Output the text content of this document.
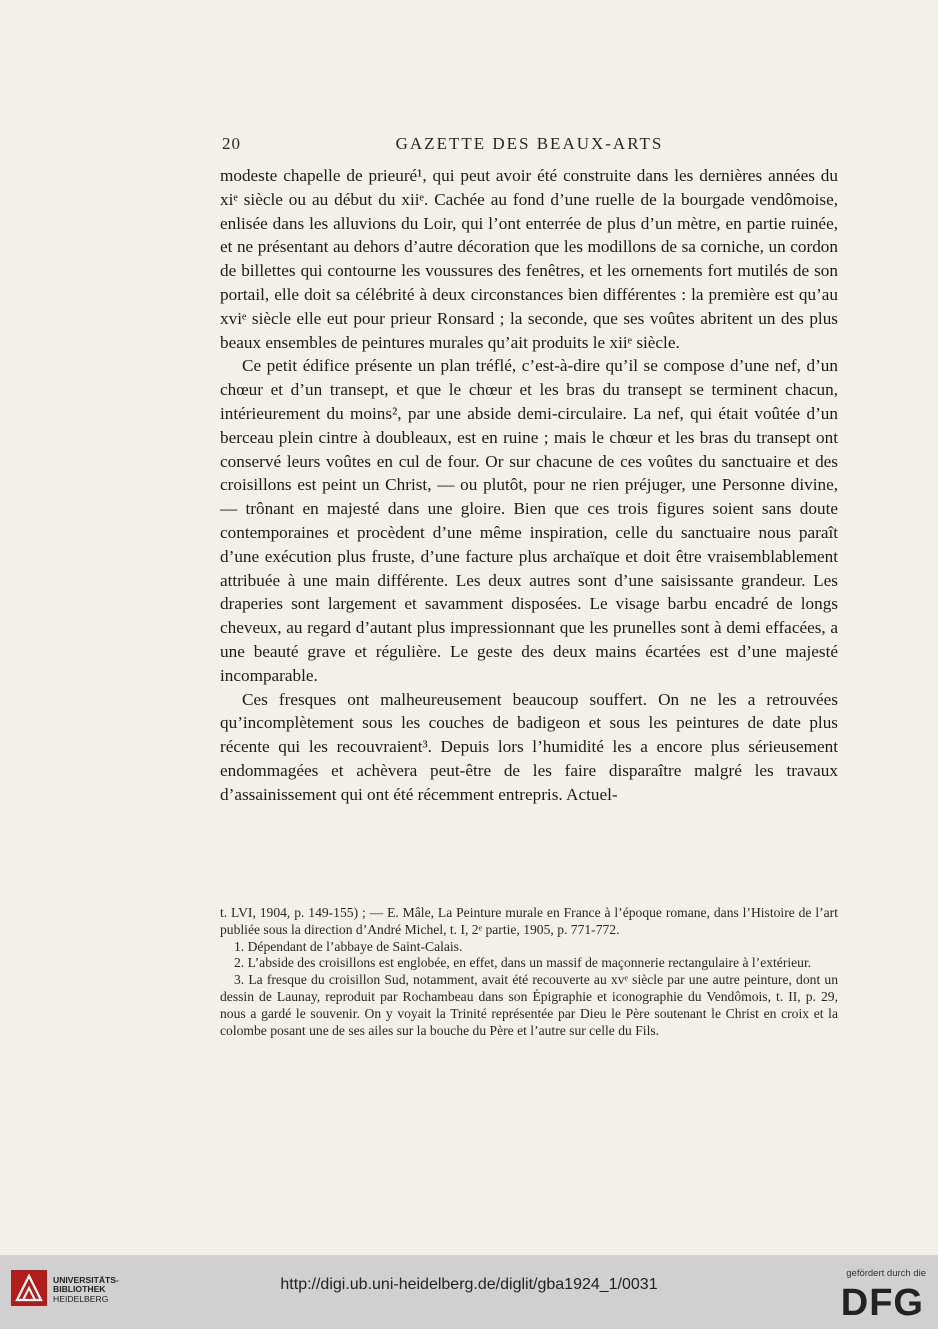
20	GAZETTE DES BEAUX-ARTS

modeste chapelle de prieuré¹, qui peut avoir été construite dans les dernières années du xiᵉ siècle ou au début du xiiᵉ. Cachée au fond d’une ruelle de la bourgade vendômoise, enlisée dans les alluvions du Loir, qui l’ont enterrée de plus d’un mètre, en partie ruinée, et ne présentant au dehors d’autre décoration que les modillons de sa corniche, un cordon de billettes qui contourne les voussures des fenêtres, et les ornements fort mutilés de son portail, elle doit sa célébrité à deux circonstances bien différentes : la première est qu’au xviᵉ siècle elle eut pour prieur Ronsard ; la seconde, que ses voûtes abritent un des plus beaux ensembles de peintures murales qu’ait produits le xiiᵉ siècle.

Ce petit édifice présente un plan tréflé, c’est-à-dire qu’il se compose d’une nef, d’un chœur et d’un transept, et que le chœur et les bras du transept se terminent chacun, intérieurement du moins², par une abside demi-circulaire. La nef, qui était voûtée d’un berceau plein cintre à doubleaux, est en ruine ; mais le chœur et les bras du transept ont conservé leurs voûtes en cul de four. Or sur chacune de ces voûtes du sanctuaire et des croisillons est peint un Christ, — ou plutôt, pour ne rien préjuger, une Personne divine, — trônant en majesté dans une gloire. Bien que ces trois figures soient sans doute contemporaines et procèdent d’une même inspiration, celle du sanctuaire nous paraît d’une exécution plus fruste, d’une facture plus archaïque et doit être vraisemblablement attribuée à une main différente. Les deux autres sont d’une saisissante grandeur. Les draperies sont largement et savamment disposées. Le visage barbu encadré de longs cheveux, au regard d’autant plus impressionnant que les prunelles sont à demi effacées, a une beauté grave et régulière. Le geste des deux mains écartées est d’une majesté incomparable.

Ces fresques ont malheureusement beaucoup souffert. On ne les a retrouvées qu’incomplètement sous les couches de badigeon et sous les peintures de date plus récente qui les recouvraient³. Depuis lors l’humidité les a encore plus sérieusement endommagées et achèvera peut-être de les faire disparaître malgré les travaux d’assainissement qui ont été récemment entrepris. Actuel-

t. LVI, 1904, p. 149-155) ; — E. Mâle, La Peinture murale en France à l’époque romane, dans l’Histoire de l’art publiée sous la direction d’André Michel, t. I, 2ᵉ partie, 1905, p. 771-772.

1. Dépendant de l’abbaye de Saint-Calais.

2. L’abside des croisillons est englobée, en effet, dans un massif de maçonnerie rectangulaire à l’extérieur.

3. La fresque du croisillon Sud, notamment, avait été recouverte au xvᵉ siècle par une autre peinture, dont un dessin de Launay, reproduit par Rochambeau dans son Épigraphie et iconographie du Vendômois, t. II, p. 29, nous a gardé le souvenir. On y voyait la Trinité représentée par Dieu le Père soutenant le Christ en croix et la colombe posant une de ses ailes sur la bouche du Père et l’autre sur celle du Fils.

UNIVERSITÄTS-
BIBLIOTHEK
HEIDELBERG
http://digi.ub.uni-heidelberg.de/diglit/gba1924_1/0031
gefördert durch die
DFG
